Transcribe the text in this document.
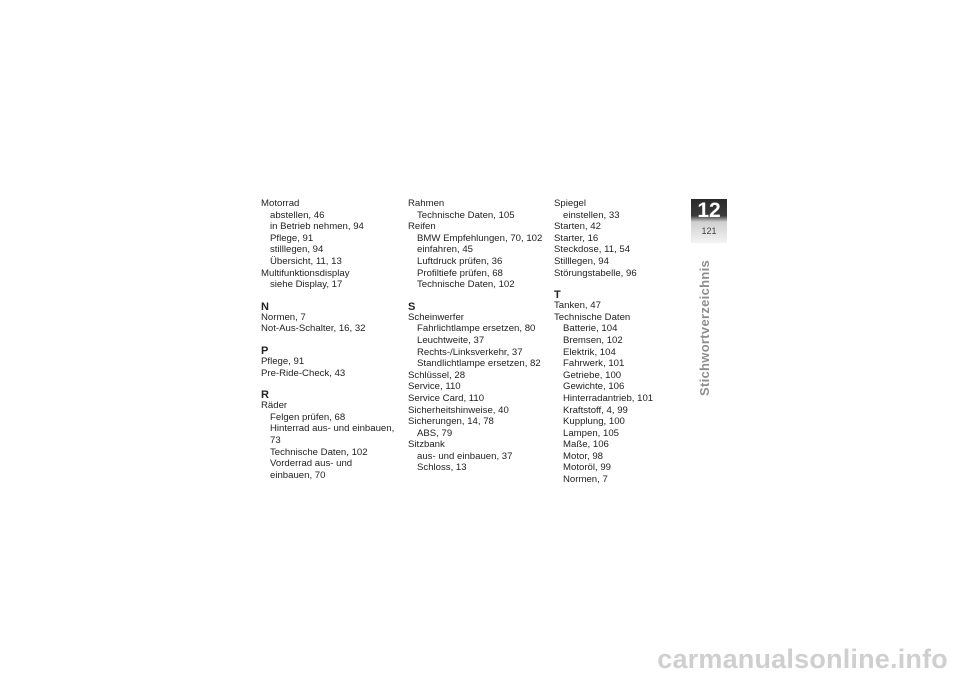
Motorrad
abstellen, 46
in Betrieb nehmen, 94
Pflege, 91
stilllegen, 94
Übersicht, 11, 13
Multifunktionsdisplay
siehe Display, 17
N
Normen, 7
Not-Aus-Schalter, 16, 32
P
Pflege, 91
Pre-Ride-Check, 43
R
Räder
Felgen prüfen, 68
Hinterrad aus- und einbauen, 73
Technische Daten, 102
Vorderrad aus- und einbauen, 70
Rahmen
Technische Daten, 105
Reifen
BMW Empfehlungen, 70, 102
einfahren, 45
Luftdruck prüfen, 36
Profiltiefe prüfen, 68
Technische Daten, 102
S
Scheinwerfer
Fahrlichtlampe ersetzen, 80
Leuchtweite, 37
Rechts-/Linksverkehr, 37
Standlichtlampe ersetzen, 82
Schlüssel, 28
Service, 110
Service Card, 110
Sicherheitshinweise, 40
Sicherungen, 14, 78
ABS, 79
Sitzbank
aus- und einbauen, 37
Schloss, 13
Spiegel
einstellen, 33
Starten, 42
Starter, 16
Steckdose, 11, 54
Stilllegen, 94
Störungstabelle, 96
T
Tanken, 47
Technische Daten
Batterie, 104
Bremsen, 102
Elektrik, 104
Fahrwerk, 101
Getriebe, 100
Gewichte, 106
Hinterradantrieb, 101
Kraftstoff, 4, 99
Kupplung, 100
Lampen, 105
Maße, 106
Motor, 98
Motoröl, 99
Normen, 7
12
121
Stichwortverzeichnis
carmanualsonline.info
